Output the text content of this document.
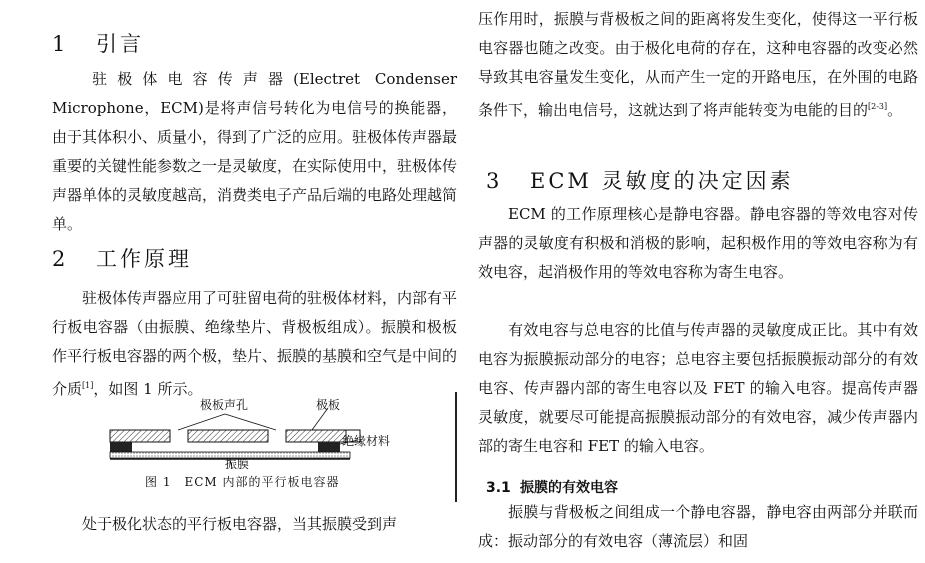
1 引言
驻极体电容传声器(Electret Condenser Microphone，ECM)是将声信号转化为电信号的换能器，由于其体积小、质量小，得到了广泛的应用。驻极体传声器最重要的关键性能参数之一是灵敏度，在实际使用中，驻极体传声器单体的灵敏度越高，消费类电子产品后端的电路处理越简单。
2 工作原理
驻极体传声器应用了可驻留电荷的驻极体材料，内部有平行板电容器（由振膜、绝缘垫片、背极板组成）。振膜和极板作平行板电容器的两个极，垫片、振膜的基膜和空气是中间的介质[1]，如图 1 所示。
极板声孔	极板
绝缘材料
振膜
图 1　ECM 内部的平行板电容器
处于极化状态的平行板电容器，当其振膜受到声
压作用时，振膜与背极板之间的距离将发生变化，使得这一平行板电容器也随之改变。由于极化电荷的存在，这种电容器的改变必然导致其电容量发生变化，从而产生一定的开路电压，在外围的电路条件下，输出电信号，这就达到了将声能转变为电能的目的[2-3]。
3 ECM 灵敏度的决定因素
ECM 的工作原理核心是静电容器。静电容器的等效电容对传声器的灵敏度有积极和消极的影响，起积极作用的等效电容称为有效电容，起消极作用的等效电容称为寄生电容。
有效电容与总电容的比值与传声器的灵敏度成正比。其中有效电容为振膜振动部分的电容；总电容主要包括振膜振动部分的有效电容、传声器内部的寄生电容以及 FET 的输入电容。提高传声器灵敏度，就要尽可能提高振膜振动部分的有效电容，减少传声器内部的寄生电容和 FET 的输入电容。
3.1 振膜的有效电容
振膜与背极板之间组成一个静电容器，静电容由两部分并联而成：振动部分的有效电容（薄流层）和固
